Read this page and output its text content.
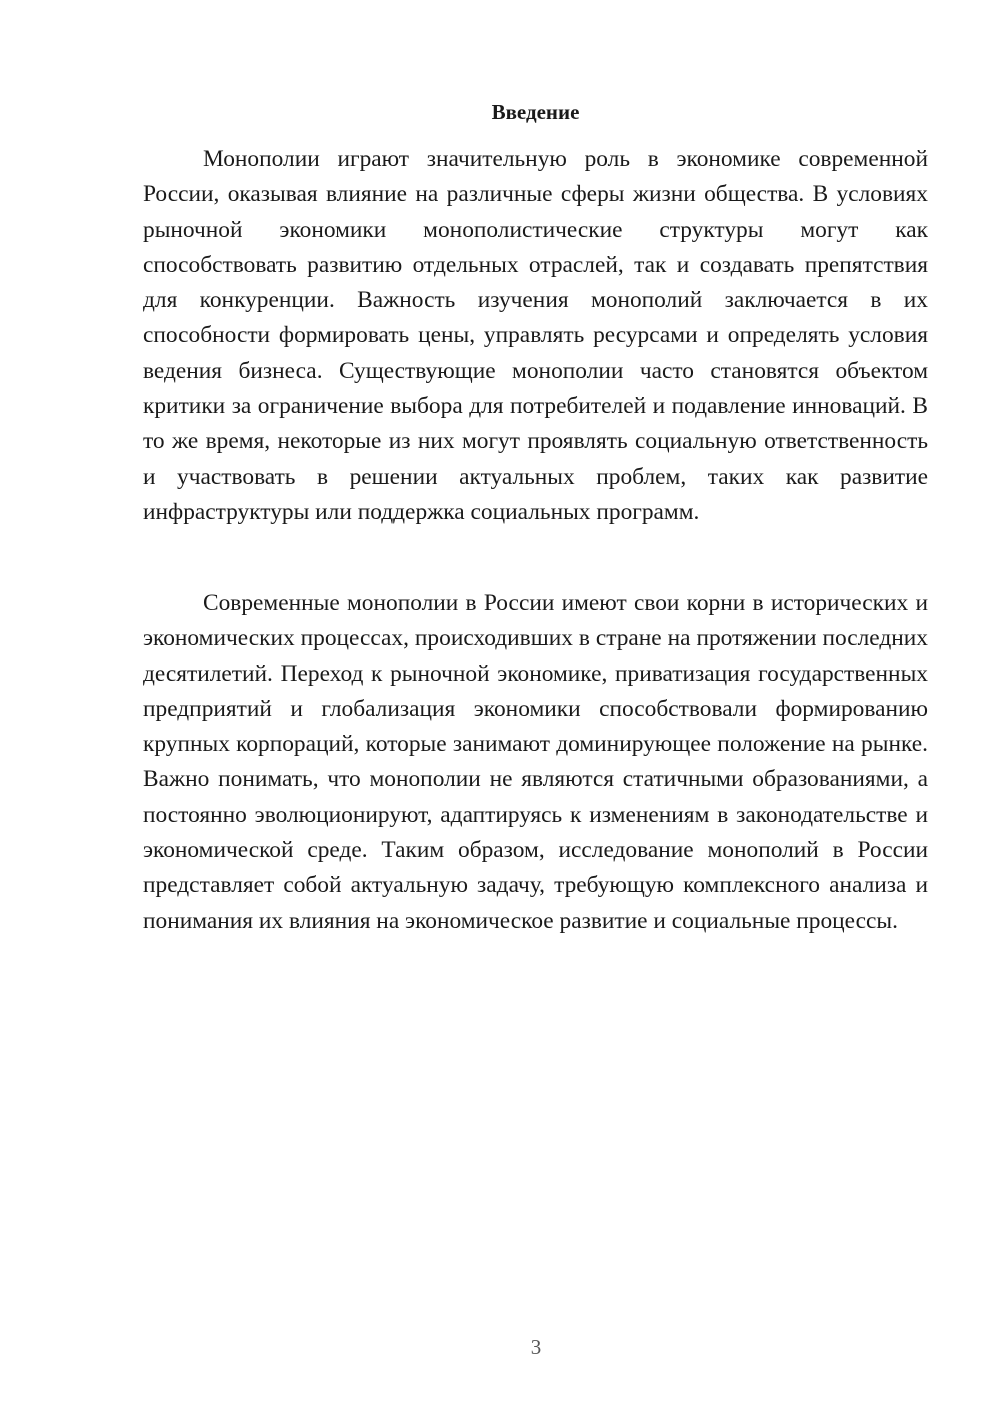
Введение

Монополии играют значительную роль в экономике современной России, оказывая влияние на различные сферы жизни общества. В условиях рыночной экономики монополистические структуры могут как способствовать развитию отдельных отраслей, так и создавать препятствия для конкуренции. Важность изучения монополий заключается в их способности формировать цены, управлять ресурсами и определять условия ведения бизнеса. Существующие монополии часто становятся объектом критики за ограничение выбора для потребителей и подавление инноваций. В то же время, некоторые из них могут проявлять социальную ответственность и участвовать в решении актуальных проблем, таких как развитие инфраструктуры или поддержка социальных программ.

Современные монополии в России имеют свои корни в исторических и экономических процессах, происходивших в стране на протяжении последних десятилетий. Переход к рыночной экономике, приватизация государственных предприятий и глобализация экономики способствовали формированию крупных корпораций, которые занимают доминирующее положение на рынке. Важно понимать, что монополии не являются статичными образованиями, а постоянно эволюционируют, адаптируясь к изменениям в законодательстве и экономической среде. Таким образом, исследование монополий в России представляет собой актуальную задачу, требующую комплексного анализа и понимания их влияния на экономическое развитие и социальные процессы.

3
